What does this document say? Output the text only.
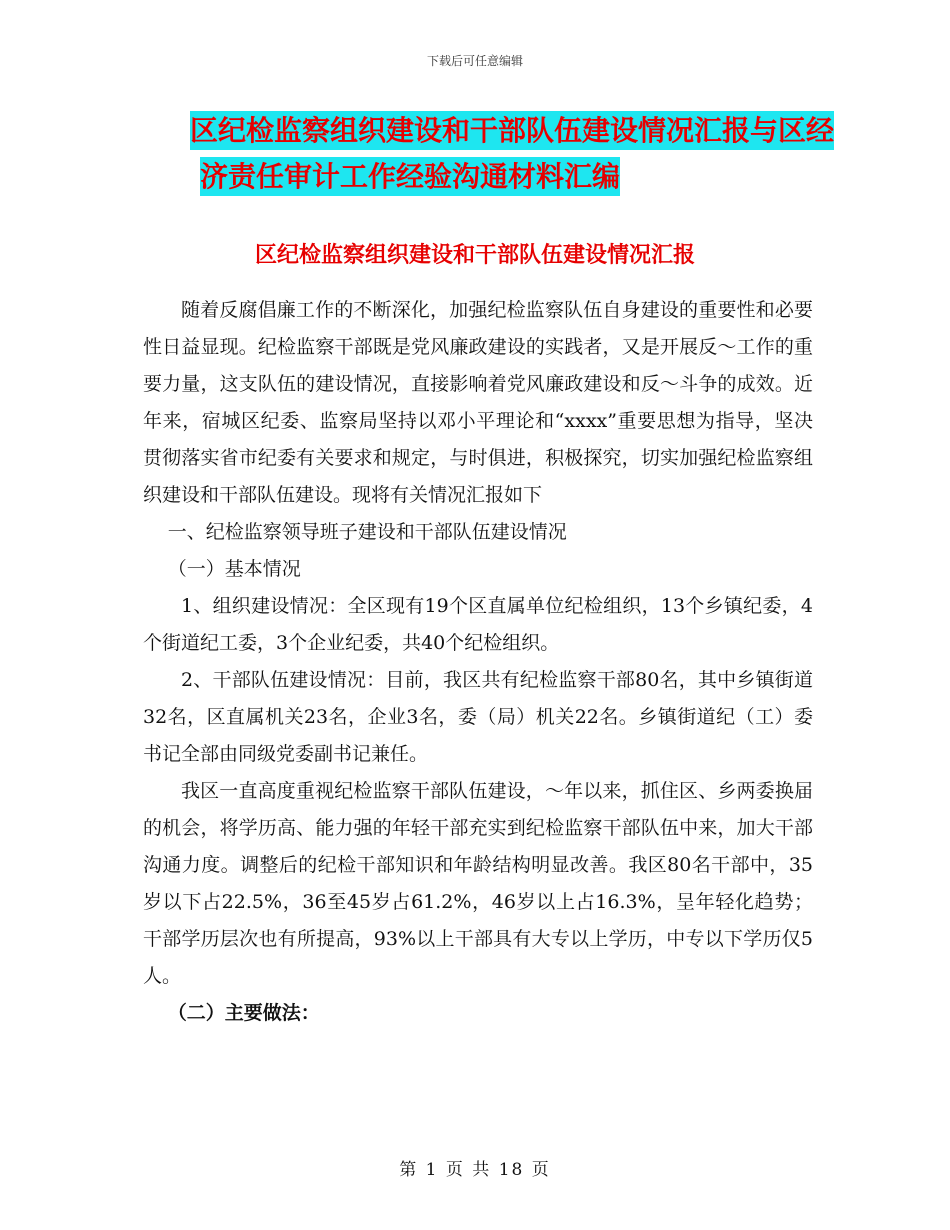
下载后可任意编辑
区纪检监察组织建设和干部队伍建设情况汇报与区经
济责任审计工作经验沟通材料汇编
区纪检监察组织建设和干部队伍建设情况汇报

随着反腐倡廉工作的不断深化，加强纪检监察队伍自身建设的重要性和必要性日益显现。纪检监察干部既是党风廉政建设的实践者，又是开展反～工作的重要力量，这支队伍的建设情况，直接影响着党风廉政建设和反～斗争的成效。近年来，宿城区纪委、监察局坚持以邓小平理论和“xxxx”重要思想为指导，坚决贯彻落实省市纪委有关要求和规定，与时俱进，积极探究，切实加强纪检监察组织建设和干部队伍建设。现将有关情况汇报如下

一、纪检监察领导班子建设和干部队伍建设情况

（一）基本情况

1、组织建设情况：全区现有19个区直属单位纪检组织，13个乡镇纪委，4个街道纪工委，3个企业纪委，共40个纪检组织。

2、干部队伍建设情况：目前，我区共有纪检监察干部80名，其中乡镇街道32名，区直属机关23名，企业3名，委（局）机关22名。乡镇街道纪（工）委书记全部由同级党委副书记兼任。

我区一直高度重视纪检监察干部队伍建设，～年以来，抓住区、乡两委换届的机会，将学历高、能力强的年轻干部充实到纪检监察干部队伍中来，加大干部沟通力度。调整后的纪检干部知识和年龄结构明显改善。我区80名干部中，35岁以下占22.5%，36至45岁占61.2%，46岁以上占16.3%，呈年轻化趋势；干部学历层次也有所提高，93%以上干部具有大专以上学历，中专以下学历仅5人。

（二）主要做法：

第 1 页 共 18 页
